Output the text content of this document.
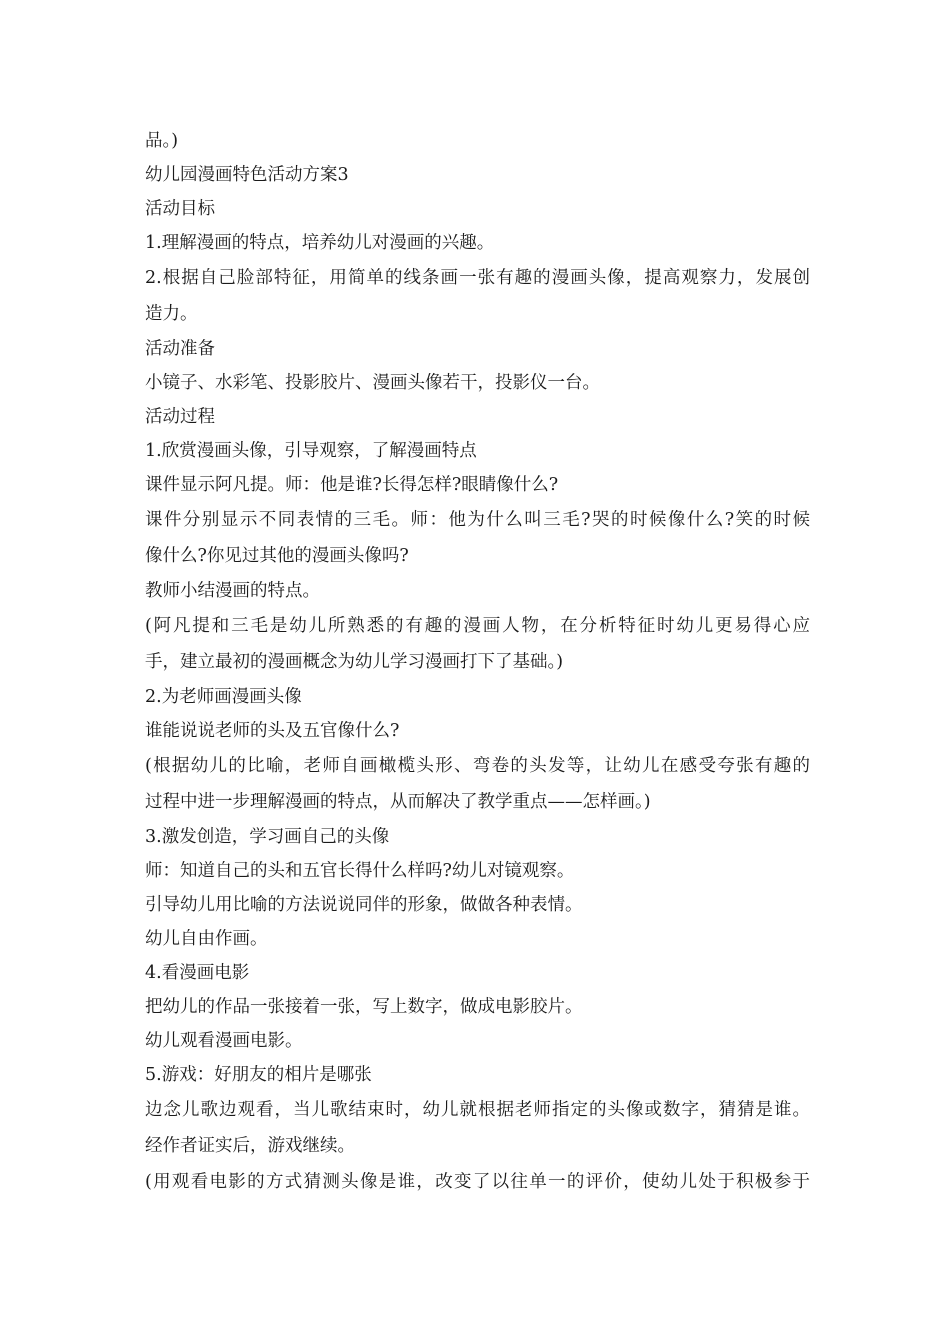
品。)
幼儿园漫画特色活动方案3
活动目标
1.理解漫画的特点，培养幼儿对漫画的兴趣。
2.根据自己脸部特征，用简单的线条画一张有趣的漫画头像，提高观察力，发展创
造力。
活动准备
小镜子、水彩笔、投影胶片、漫画头像若干，投影仪一台。
活动过程
1.欣赏漫画头像，引导观察，了解漫画特点
课件显示阿凡提。师：他是谁?长得怎样?眼睛像什么?
课件分别显示不同表情的三毛。师：他为什么叫三毛?哭的时候像什么?笑的时候
像什么?你见过其他的漫画头像吗?
教师小结漫画的特点。
(阿凡提和三毛是幼儿所熟悉的有趣的漫画人物，在分析特征时幼儿更易得心应
手，建立最初的漫画概念为幼儿学习漫画打下了基础。)
2.为老师画漫画头像
谁能说说老师的头及五官像什么?
(根据幼儿的比喻，老师自画橄榄头形、弯卷的头发等，让幼儿在感受夸张有趣的
过程中进一步理解漫画的特点，从而解决了教学重点——怎样画。)
3.激发创造，学习画自己的头像
师：知道自己的头和五官长得什么样吗?幼儿对镜观察。
引导幼儿用比喻的方法说说同伴的形象，做做各种表情。
幼儿自由作画。
4.看漫画电影
把幼儿的作品一张接着一张，写上数字，做成电影胶片。
幼儿观看漫画电影。
5.游戏：好朋友的相片是哪张
边念儿歌边观看，当儿歌结束时，幼儿就根据老师指定的头像或数字，猜猜是谁。
经作者证实后，游戏继续。
(用观看电影的方式猜测头像是谁，改变了以往单一的评价，使幼儿处于积极参于
